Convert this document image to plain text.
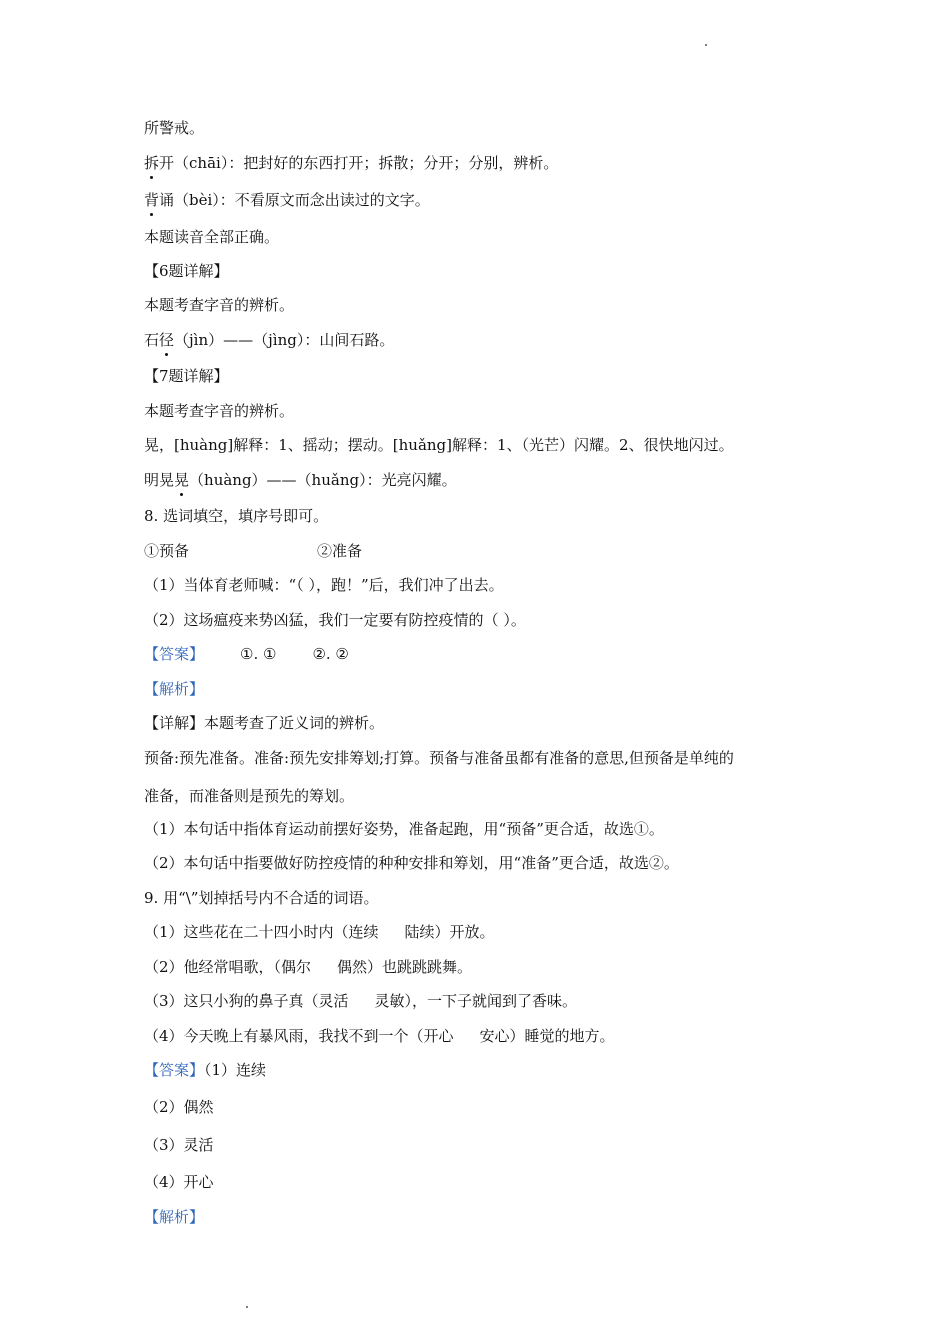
所警戒。
拆开（chāi）：把封好的东西打开；拆散；分开；分别，辨析。
背诵（bèi）：不看原文而念出读过的文字。
本题读音全部正确。
【6题详解】
本题考查字音的辨析。
石径（jìn）——（jìng）：山间石路。
【7题详解】
本题考查字音的辨析。
晃，[huàng]解释：1、摇动；摆动。[huǎng]解释：1、（光芒）闪耀。2、很快地闪过。
明晃晃（huàng）——（huǎng）：光亮闪耀。
8. 选词填空，填序号即可。
①预备	②准备
（1）当体育老师喊：“（ ），跑！”后，我们冲了出去。
（2）这场瘟疫来势凶猛，我们一定要有防控疫情的（ ）。
【答案】 ①. ① ②. ②
【解析】
【详解】本题考查了近义词的辨析。
预备:预先准备。准备:预先安排筹划;打算。预备与准备虽都有准备的意思,但预备是单纯的
准备，而准备则是预先的筹划。
（1）本句话中指体育运动前摆好姿势，准备起跑，用“预备”更合适，故选①。
（2）本句话中指要做好防控疫情的种种安排和筹划，用“准备”更合适，故选②。
9. 用“\”划掉括号内不合适的词语。
（1）这些花在二十四小时内（连续 陆续）开放。
（2）他经常唱歌，（偶尔 偶然）也跳跳跳舞。
（3）这只小狗的鼻子真（灵活 灵敏），一下子就闻到了香味。
（4）今天晚上有暴风雨，我找不到一个（开心 安心）睡觉的地方。
【答案】（1）连续
（2）偶然
（3）灵活
（4）开心
【解析】
